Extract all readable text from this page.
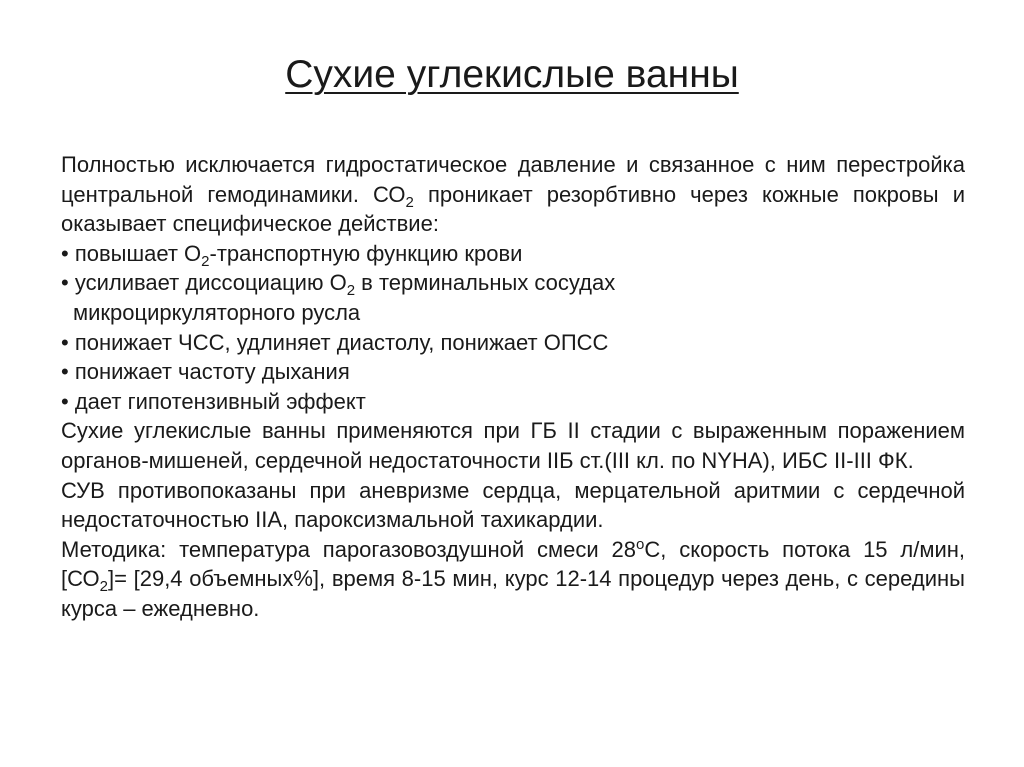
Сухие углекислые ванны

Полностью исключается гидростатическое давление и связанное с ним перестройка центральной гемодинамики. $СО_2$ проникает резорбтивно через кожные покровы и оказывает специфическое действие:

• повышает $О_2$-транспортную функцию крови

• усиливает диссоциацию $О_2$ в терминальных сосудах

микроциркуляторного русла

• понижает ЧСС, удлиняет диастолу, понижает ОПСС

• понижает частоту дыхания

• дает гипотензивный эффект

Сухие углекислые ванны применяются при ГБ II стадии с выраженным поражением органов-мишеней, сердечной недостаточности IIБ ст.(III кл. по NYHA), ИБС II-III ФК.

СУВ противопоказаны при аневризме сердца, мерцательной аритмии с сердечной недостаточностью IIА, пароксизмальной тахикардии.

Методика: температура парогазовоздушной смеси $28^оС$, скорость потока 15 л/мин, $[СО_2]= [29,4$ объемных%], время 8-15 мин, курс 12-14 процедур через день, с середины курса – ежедневно.
